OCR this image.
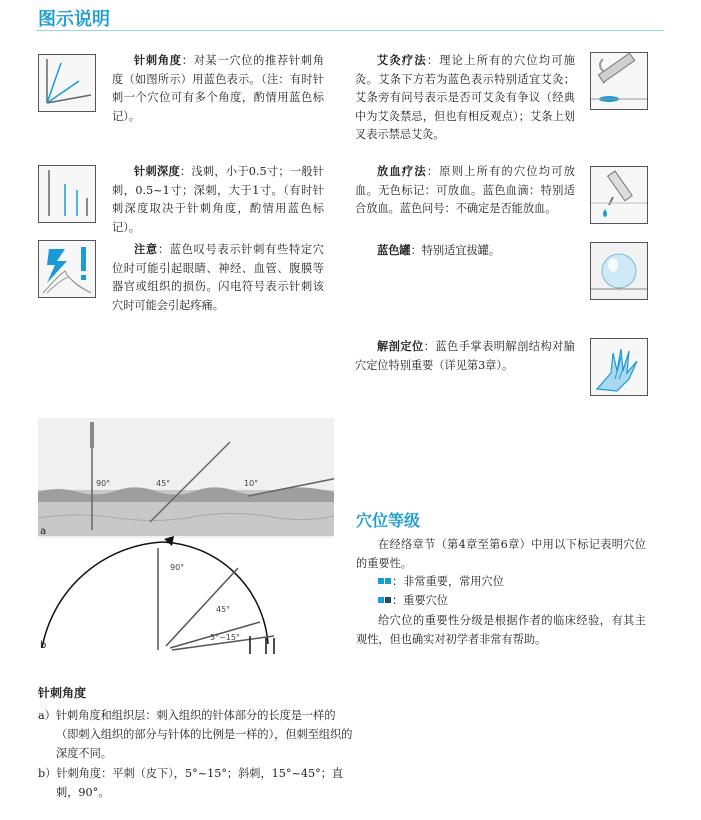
图示说明
针刺角度：对某一穴位的推荐针刺角度（如图所示）用蓝色表示。（注：有时针刺一个穴位可有多个角度，酌情用蓝色标记）。
针刺深度：浅刺，小于0.5寸；一般针刺，0.5~1寸；深刺，大于1寸。（有时针刺深度取决于针刺角度，酌情用蓝色标记）。
注意：蓝色叹号表示针刺有些特定穴位时可能引起眼睛、神经、血管、腹膜等器官或组织的损伤。闪电符号表示针刺该穴时可能会引起疼痛。
艾灸疗法：理论上所有的穴位均可施灸。艾条下方若为蓝色表示特别适宜艾灸；艾条旁有问号表示是否可艾灸有争议（经典中为艾灸禁忌，但也有相反观点）；艾条上划叉表示禁忌艾灸。
放血疗法：原则上所有的穴位均可放血。无色标记：可放血。蓝色血滴：特别适合放血。蓝色问号：不确定是否能放血。
蓝色罐：特别适宜拔罐。
解剖定位：蓝色手掌表明解剖结构对腧穴定位特别重要（详见第3章）。
90°	45°	10°
a
90°
45°
5°~15°
b
针刺角度
a）针刺角度和组织层：刺入组织的针体部分的长度是一样的（即刺入组织的部分与针体的比例是一样的），但刺至组织的深度不同。
b）针刺角度：平刺（皮下），5°~15°；斜刺，15°~45°；直刺，90°。
穴位等级
在经络章节（第4章至第6章）中用以下标记表明穴位的重要性。
：非常重要，常用穴位
：重要穴位
给穴位的重要性分级是根据作者的临床经验，有其主观性，但也确实对初学者非常有帮助。
